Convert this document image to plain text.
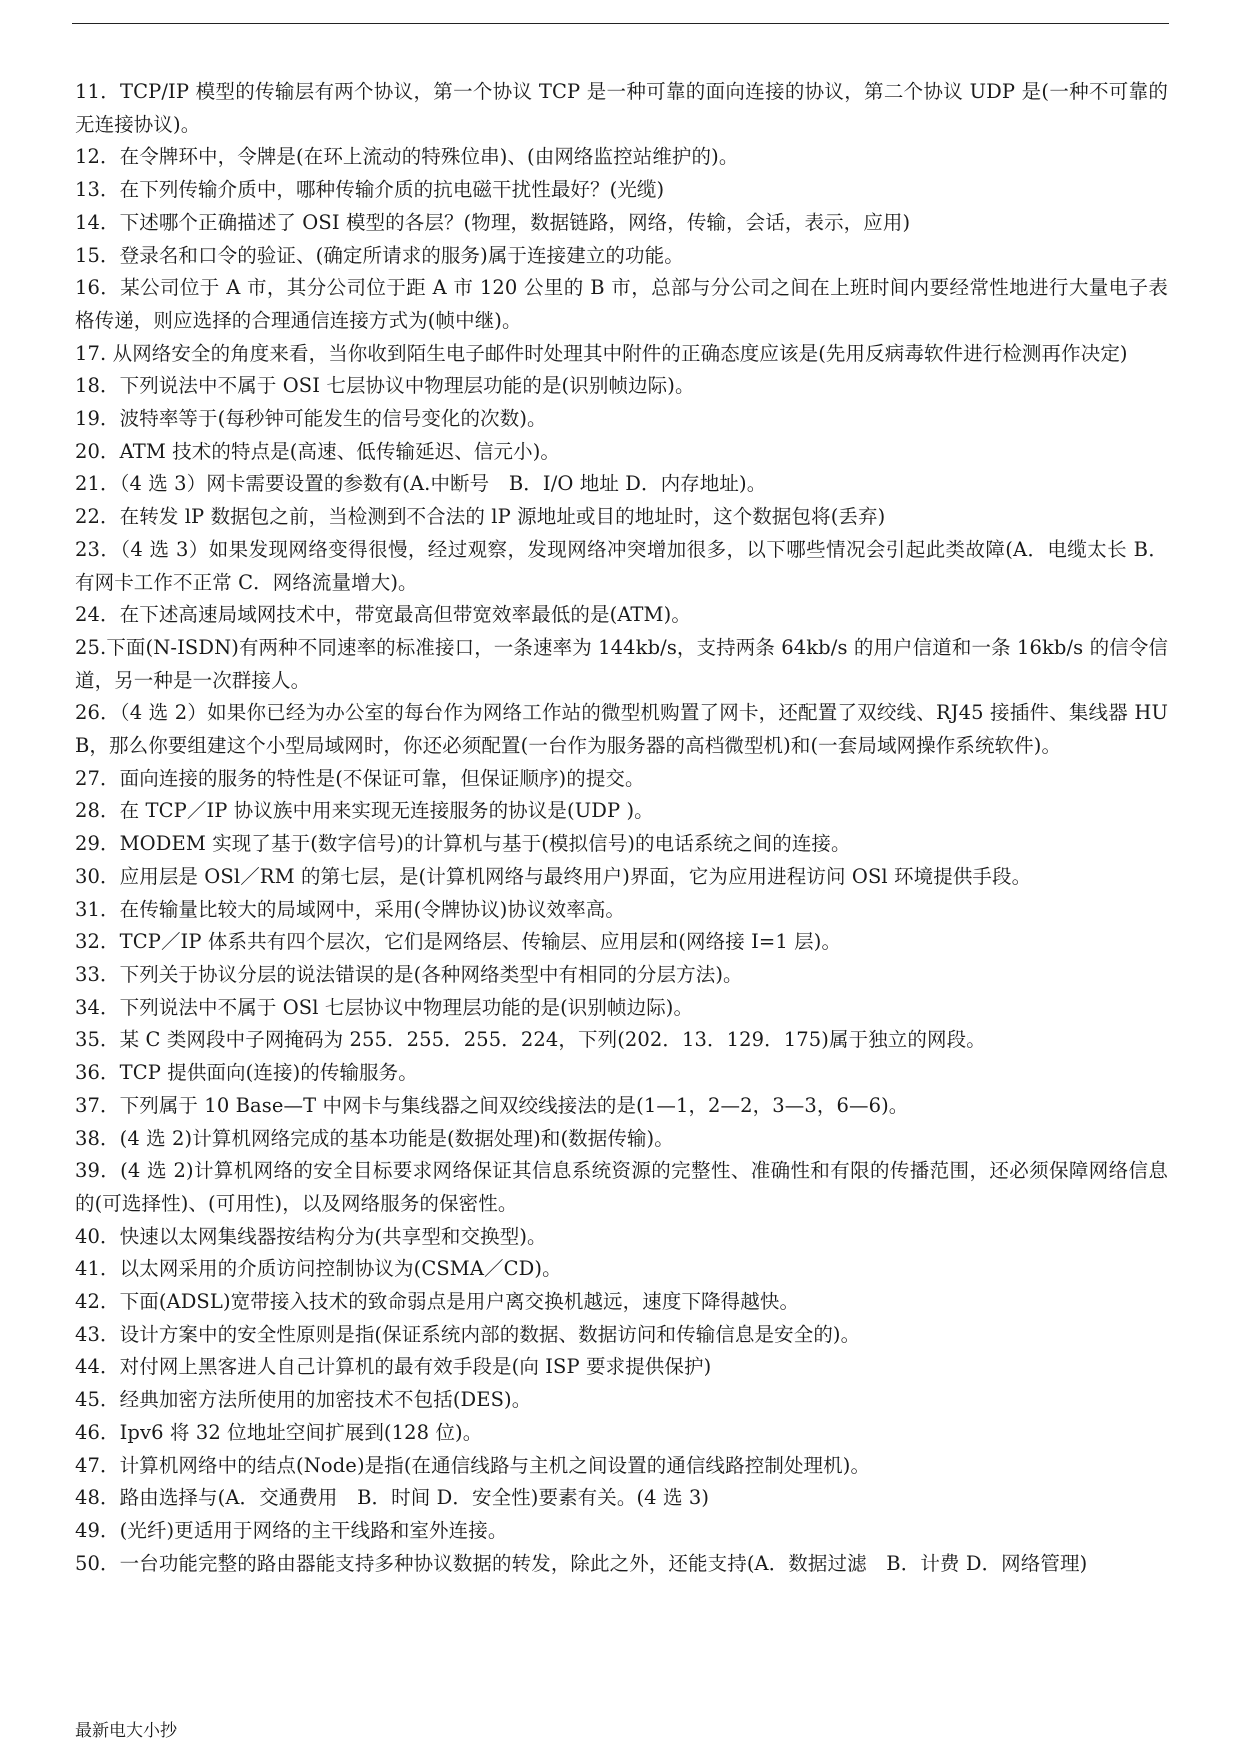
11．TCP/IP 模型的传输层有两个协议，第一个协议 TCP 是一种可靠的面向连接的协议，第二个协议 UDP 是(一种不可靠的无连接协议)。

12．在令牌环中，令牌是(在环上流动的特殊位串)、(由网络监控站维护的)。

13．在下列传输介质中，哪种传输介质的抗电磁干扰性最好？(光缆)

14．下述哪个正确描述了 OSI 模型的各层？(物理，数据链路，网络，传输，会话，表示，应用)

15．登录名和口令的验证、(确定所请求的服务)属于连接建立的功能。

16．某公司位于 A 市，其分公司位于距 A 市 120 公里的 B 市，总部与分公司之间在上班时间内要经常性地进行大量电子表格传递，则应选择的合理通信连接方式为(帧中继)。

17. 从网络安全的角度来看，当你收到陌生电子邮件时处理其中附件的正确态度应该是(先用反病毒软件进行检测再作决定)

18．下列说法中不属于 OSI 七层协议中物理层功能的是(识别帧边际)。

19．波特率等于(每秒钟可能发生的信号变化的次数)。

20．ATM 技术的特点是(高速、低传输延迟、信元小)。

21．（4 选 3）网卡需要设置的参数有(A.中断号　B．I/O 地址 D．内存地址)。

22．在转发 lP 数据包之前，当检测到不合法的 lP 源地址或目的地址时，这个数据包将(丢弃)

23．（4 选 3）如果发现网络变得很慢，经过观察，发现网络冲突增加很多，以下哪些情况会引起此类故障(A．电缆太长 B．有网卡工作不正常 C．网络流量增大)。

24．在下述高速局域网技术中，带宽最高但带宽效率最低的是(ATM)。

25.下面(N-ISDN)有两种不同速率的标准接口，一条速率为 144kb/s，支持两条 64kb/s 的用户信道和一条 16kb/s 的信令信道，另一种是一次群接人。

26．（4 选 2）如果你已经为办公室的每台作为网络工作站的微型机购置了网卡，还配置了双绞线、RJ45 接插件、集线器 HUB，那么你要组建这个小型局域网时，你还必须配置(一台作为服务器的高档微型机)和(一套局域网操作系统软件)。

27．面向连接的服务的特性是(不保证可靠，但保证顺序)的提交。

28．在 TCP／IP 协议族中用来实现无连接服务的协议是(UDP )。

29．MODEM 实现了基于(数字信号)的计算机与基于(模拟信号)的电话系统之间的连接。

30．应用层是 OSl／RM 的第七层，是(计算机网络与最终用户)界面，它为应用进程访问 OSl 环境提供手段。

31．在传输量比较大的局域网中，采用(令牌协议)协议效率高。

32．TCP／IP 体系共有四个层次，它们是网络层、传输层、应用层和(网络接 I=1 层)。

33．下列关于协议分层的说法错误的是(各种网络类型中有相同的分层方法)。

34．下列说法中不属于 OSl 七层协议中物理层功能的是(识别帧边际)。

35．某 C 类网段中子网掩码为 255．255．255．224，下列(202．13．129．175)属于独立的网段。

36．TCP 提供面向(连接)的传输服务。

37．下列属于 10 Base—T 中网卡与集线器之间双绞线接法的是(1—1，2—2，3—3，6—6)。

38．(4 选 2)计算机网络完成的基本功能是(数据处理)和(数据传输)。

39．(4 选 2)计算机网络的安全目标要求网络保证其信息系统资源的完整性、准确性和有限的传播范围，还必须保障网络信息的(可选择性)、(可用性)，以及网络服务的保密性。

40．快速以太网集线器按结构分为(共享型和交换型)。

41．以太网采用的介质访问控制协议为(CSMA／CD)。

42．下面(ADSL)宽带接入技术的致命弱点是用户离交换机越远，速度下降得越快。

43．设计方案中的安全性原则是指(保证系统内部的数据、数据访问和传输信息是安全的)。

44．对付网上黑客进人自己计算机的最有效手段是(向 ISP 要求提供保护)

45．经典加密方法所使用的加密技术不包括(DES)。

46．Ipv6 将 32 位地址空间扩展到(128 位)。

47．计算机网络中的结点(Node)是指(在通信线路与主机之间设置的通信线路控制处理机)。

48．路由选择与(A．交通费用　B．时间 D．安全性)要素有关。(4 选 3)

49．(光纤)更适用于网络的主干线路和室外连接。

50．一台功能完整的路由器能支持多种协议数据的转发，除此之外，还能支持(A．数据过滤　B．计费 D．网络管理)

最新电大小抄
